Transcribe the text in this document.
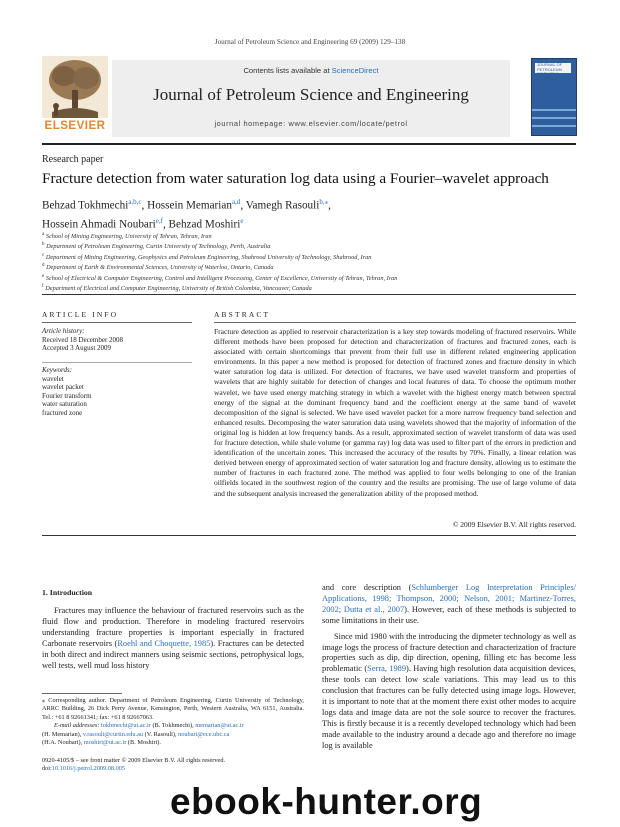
Journal of Petroleum Science and Engineering 69 (2009) 129–138
Contents lists available at ScienceDirect
Journal of Petroleum Science and Engineering
journal homepage: www.elsevier.com/locate/petrol
ELSEVIER
JOURNAL OF PETROLEUM SCIENCE & ENGINEERING
Research paper
Fracture detection from water saturation log data using a Fourier–wavelet approach
Behzad Tokhmechi$^{a,b,c}$, Hossein Memarian$^{a,d}$, Vamegh Rasouli$^{b,⁎}$,
Hossein Ahmadi Noubari$^{e,f}$, Behzad Moshiri$^e$
$^a$ School of Mining Engineering, University of Tehran, Tehran, Iran
$^b$ Department of Petroleum Engineering, Curtin University of Technology, Perth, Australia
$^c$ Department of Mining Engineering, Geophysics and Petroleum Engineering, Shahrood University of Technology, Shahrood, Iran
$^d$ Department of Earth & Environmental Sciences, University of Waterloo, Ontario, Canada
$^e$ School of Electrical & Computer Engineering, Control and Intelligent Processing, Center of Excellence, University of Tehran, Tehran, Iran
$^f$ Department of Electrical and Computer Engineering, University of British Colombia, Vancouver, Canada
ARTICLE INFO	ABSTRACT
Article history:
Received 18 December 2008
Accepted 3 August 2009
Keywords:
wavelet
wavelet packet
Fourier transform
water saturation
fractured zone
Fracture detection as applied to reservoir characterization is a key step towards modeling of fractured reservoirs. While different methods have been proposed for detection and characterization of fractures and fractured zones, each is associated with certain shortcomings that prevent from their full use in different related engineering application environments. In this paper a new method is proposed for detection of fractured zones and fracture density in which water saturation log data is utilized. For detection of fractures, we have used wavelet transform and properties of wavelets that are highly suitable for detection of changes and local features of data. To choose the optimum mother wavelet, we have used energy matching strategy in which a wavelet with the highest energy match between spectral energy of the signal at the dominant frequency band and the coefficient energy at the same band of wavelet decomposition of the signal is selected. We have used wavelet packet for a more narrow frequency band selection and enhanced results. Decomposing the water saturation data using wavelets showed that the majority of information of the original log is hidden at low frequency bands. As a result, approximated section of wavelet transform of data was used for fracture detection, while shale volume (or gamma ray) log data was used to filter part of the errors in prediction and identification of the uncertain zones. This increased the accuracy of the results by 70%. Finally, a linear relation was derived between energy of approximated section of water saturation log and fracture density, allowing us to estimate the number of fractures in each fractured zone. The method was applied to four wells belonging to one of the Iranian oilfields located in the southwest region of the country and the results are promising. The use of large volume of data and the subsequent analysis increased the generalization ability of the proposed method.
© 2009 Elsevier B.V. All rights reserved.
1. Introduction
Fractures may influence the behaviour of fractured reservoirs such as the fluid flow and production. Therefore in modeling fractured reservoirs understanding fracture properties is important especially in fractured Carbonate reservoirs (Roehl and Choquette, 1985). Fractures can be detected in both direct and indirect manners using seismic sections, petrophysical logs, well tests, well mud loss history

and core description (Schlumberger Log Interpretation Principles/ Applications, 1998; Thompson, 2000; Nelson, 2001; Martinez-Torres, 2002; Dutta et al., 2007). However, each of these methods is subjected to some limitations in their use.

Since mid 1980 with the introducing the dipmeter technology as well as image logs the process of fracture detection and characterization of fracture properties such as dip, dip direction, opening, filling etc has become less problematic (Serra, 1989). Having high resolution data acquisition devices, these tools can detect low scale variations. This may lead us to this conclusion that fractures can be fully detected using image logs. However, it is important to note that at the moment there exist other modes to acquire logs data and image data are not the sole source to recover the fractures. This is firstly because it is a recently developed technology which had been made available to the industry around a decade ago and therefore no image log is available

⁎ Corresponding author. Department of Petroleum Engineering, Curtin University of Technology, ARRC Building, 26 Dick Perry Avenue, Kensington, Perth, Western Australia, WA 6151, Australia. Tel.: +61 8 92661341; fax: +61 8 92667063.
E-mail addresses: tokhmechi@ut.ac.ir (B. Tokhmechi), memarian@ut.ac.ir
(H. Memarian), v.rasouli@curtin.edu.au (V. Rasouli), noubari@ece.ubc.ca
(H.A. Noubari), moshiri@ut.ac.ir (B. Moshiri).
0920-4105/$ – see front matter © 2009 Elsevier B.V. All rights reserved.
doi:10.1016/j.petrol.2009.08.005
ebook-hunter.org
